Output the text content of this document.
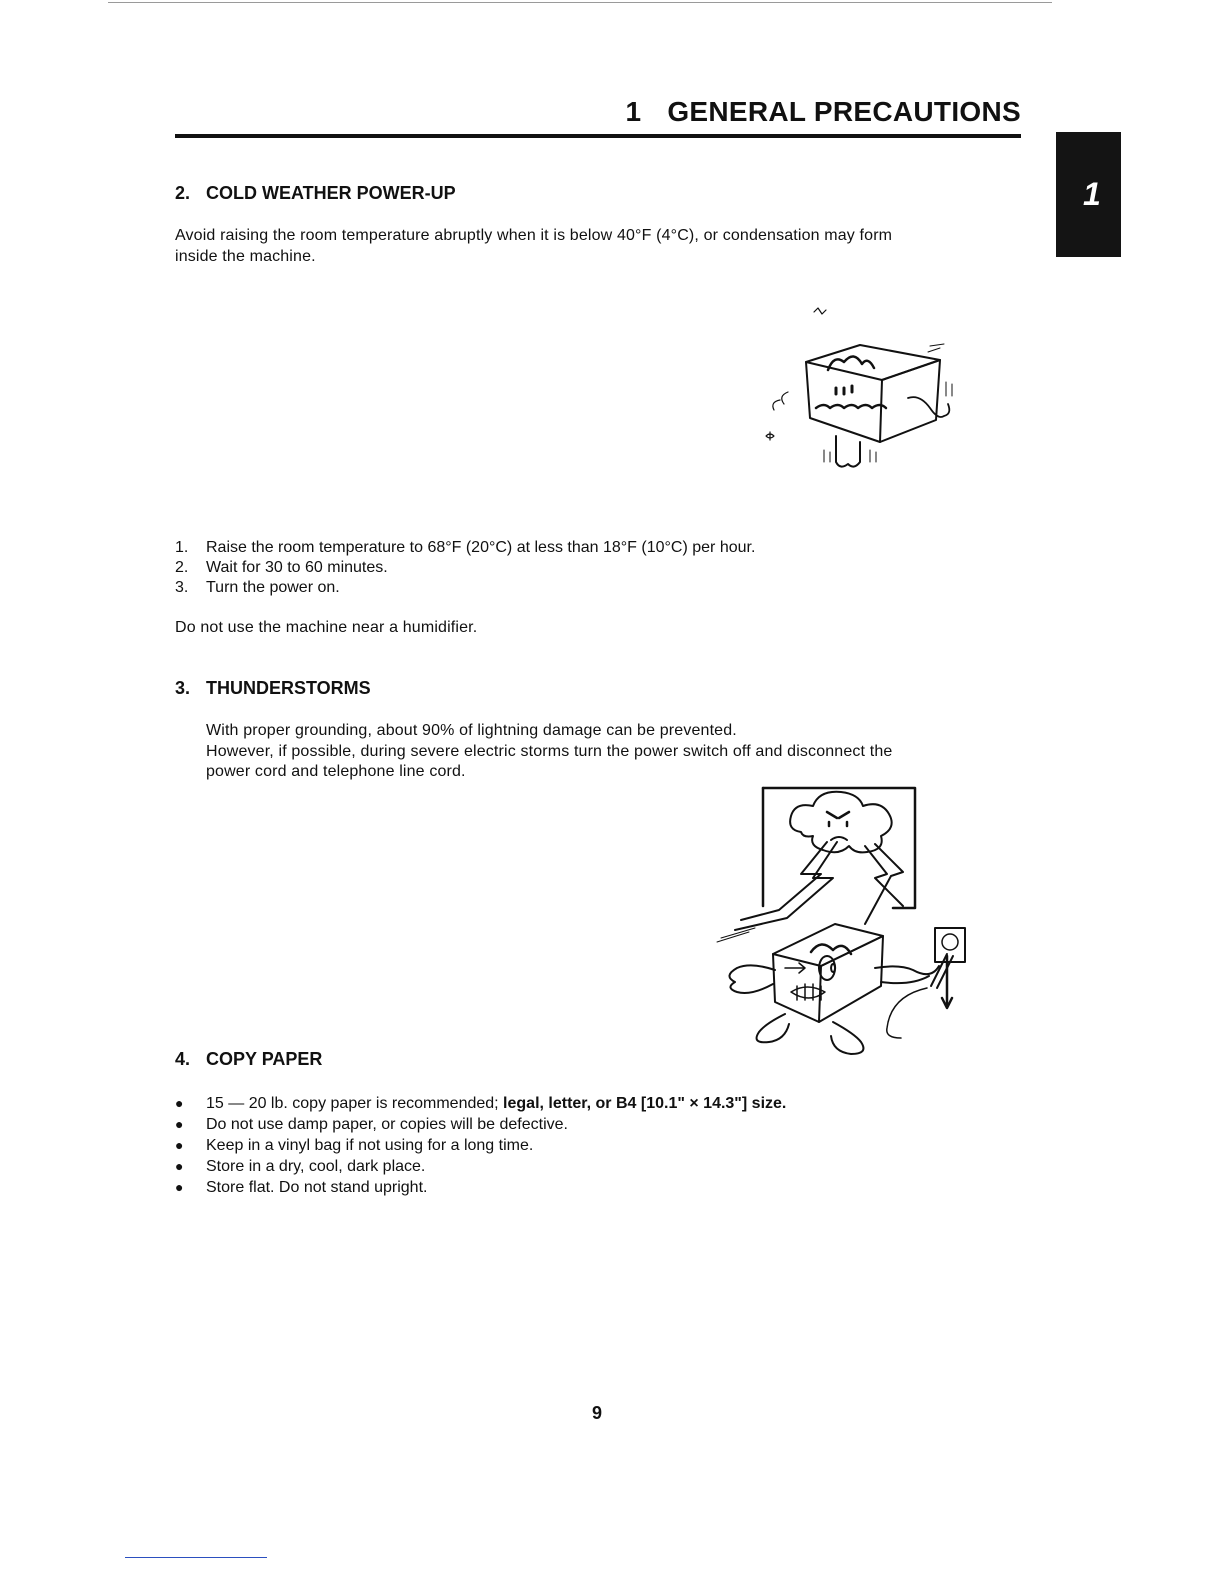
1 GENERAL PRECAUTIONS
1
2. COLD WEATHER POWER-UP
Avoid raising the room temperature abruptly when it is below 40°F (4°C), or condensation may form
inside the machine.
1. Raise the room temperature to 68°F (20°C) at less than 18°F (10°C) per hour.
2. Wait for 30 to 60 minutes.
3. Turn the power on.
Do not use the machine near a humidifier.
3. THUNDERSTORMS
With proper grounding, about 90% of lightning damage can be prevented.
However, if possible, during severe electric storms turn the power switch off and disconnect the
power cord and telephone line cord.
4. COPY PAPER
● 15 — 20 lb. copy paper is recommended; legal, letter, or B4 [10.1" × 14.3"] size.
● Do not use damp paper, or copies will be defective.
● Keep in a vinyl bag if not using for a long time.
● Store in a dry, cool, dark place.
● Store flat. Do not stand upright.
9
